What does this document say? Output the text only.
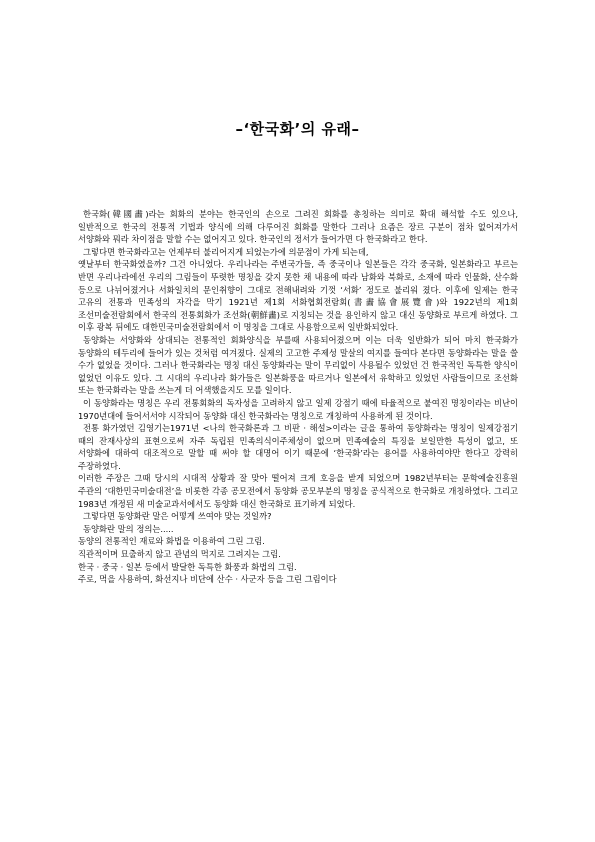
–‘한국화’의 유래–

한국화(韓國畵)라는 회화의 분야는 한국인의 손으로 그려진 회화를 총칭하는 의미로 확대 해석할 수도 있으나, 일반적으로 한국의 전통적 기법과 양식에 의해 다루어진 회화를 말한다 그러나 요즘은 장르 구분이 점차 없어져가서 서양화와 뭐라 차이점을 말할 수는 없어지고 있다. 한국인의 정서가 들어가면 다 한국화라고 한다.

그렇다면 한국화라고는 언제부터 불리어지게 되었는가에 의문점이 가게 되는데,

옛날부터 한국화였을까? 그건 아니었다. 우리나라는 주변국가들, 즉 중국이나 일본들은 각각 중국화, 일본화라고 부르는 반면 우리나라에선 우리의 그림들이 뚜렷한 명칭을 갖지 못한 채 내용에 따라 남화와 북화로, 소재에 따라 인물화, 산수화 등으로 나뉘어졌거나 서화일치의 문인취향이 그대로 전해내려와 기껏 ‘서화’ 정도로 불리워 졌다. 이후에 일제는 한국 고유의 전통과 민족성의 자각을 막기 1921년 제1회 서화협회전람회(書畵協會展覽會)와 1922년의 제1회 조선미술전람회에서 한국의 전통회화가 조선화(朝鮮畵)로 지칭되는 것을 용인하지 않고 대신 동양화로 부르게 하였다. 그 이후 광복 뒤에도 대한민국미술전람회에서 이 명칭을 그대로 사용함으로써 일반화되었다.

동양화는 서양화와 상대되는 전통적인 회화양식을 부를때 사용되어졌으며 이는 더욱 일반화가 되어 마치 한국화가 동양화의 테두리에 들어가 있는 것처럼 여겨졌다. 실제의 고고한 주제성 말살의 여지를 들여다 본다면 동양화라는 말을 쓸 수가 없었을 것이다. 그러나 한국화라는 명칭 대신 동양화라는 말이 무리없이 사용될수 있었던 건 한국적인 독특한 양식이 없었던 이유도 있다. 그 시대의 우리나라 화가들은 일본화풍을 따르거나 일본에서 유학하고 있었던 사람들이므로 조선화 또는 한국화라는 말을 쓰는게 더 어색했을지도 모를 일이다.

이 동양화라는 명칭은 우리 전통회화의 독자성을 고려하지 않고 일제 강점기 때에 타율적으로 붙여진 명칭이라는 비난이 1970년대에 들어서서야 시작되어 동양화 대신 한국화라는 명칭으로 개칭하여 사용하게 된 것이다.

전통 화가였던 김영기는1971년 <나의 한국화론과 그 비판 · 해설>이라는 글을 통하여 동양화라는 명칭이 일제강점기 때의 잔재사상의 표현으로써 자주 독립된 민족의식이주체성이 없으며 민족예술의 특징을 보일만한 특성이 없고, 또 서양화에 대하여 대조적으로 말할 때 써야 할 대명어 이기 때문에 ‘한국화’라는 용어를 사용하여야만 한다고 강력히 주장하였다.

이러한 주장은 그때 당시의 시대적 상황과 잘 맞아 떨어져 크게 호응을 받게 되었으며 1982년부터는 문학예술진흥원 주관의 ‘대한민국미술대전’을 비롯한 각종 공모전에서 동양화 공모부분의 명칭을 공식적으로 한국화로 개칭하였다. 그리고 1983년 개정된 새 미술교과서에서도 동양화 대신 한국화로 표기하게 되었다.

그렇다면 동양화란 말은 어떻게 쓰여야 맞는 것일까?

동양화란 말의 정의는.....

동양의 전통적인 재료와 화법을 이용하여 그린 그림.
직관적이며 묘출하지 않고 관념의 먹지로 그려지는 그림.
한국 · 중국 · 일본 등에서 발달한 독특한 화풍과 화법의 그림.
주로, 먹을 사용하여, 화선지나 비단에 산수 · 사군자 등을 그린 그림이다
